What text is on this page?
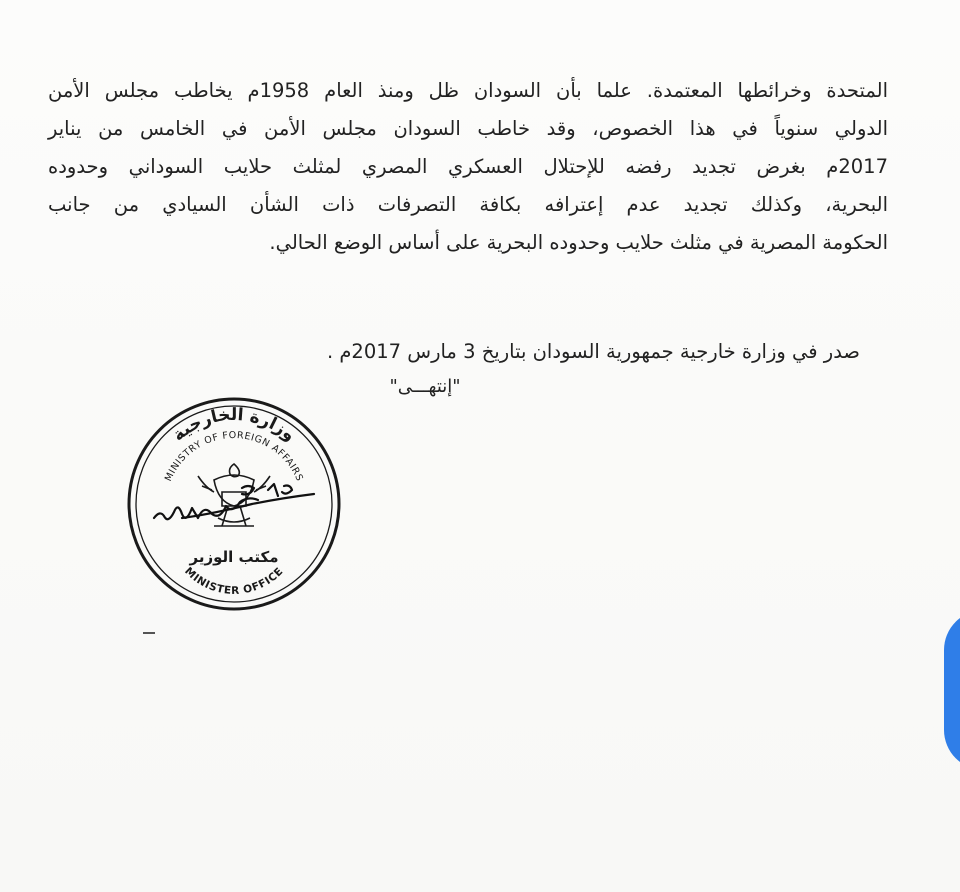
المتحدة وخرائطها المعتمدة. علما بأن السودان ظل ومنذ العام 1958م يخاطب مجلس الأمن
الدولي سنوياً في هذا الخصوص، وقد خاطب السودان مجلس الأمن في الخامس من يناير
2017م بغرض تجديد رفضه للإحتلال العسكري المصري لمثلث حلايب السوداني وحدوده
البحرية، وكذلك تجديد عدم إعترافه بكافة التصرفات ذات الشأن السيادي من جانب
الحكومة المصرية في مثلث حلايب وحدوده البحرية على أساس الوضع الحالي.
صدر في وزارة خارجية جمهورية السودان بتاريخ 3 مارس 2017م .
"إنتهـــى"
وزارة الخارجية
MINISTRY OF FOREIGN AFFAIRS
MINISTER OFFICE
مكتب الوزير
